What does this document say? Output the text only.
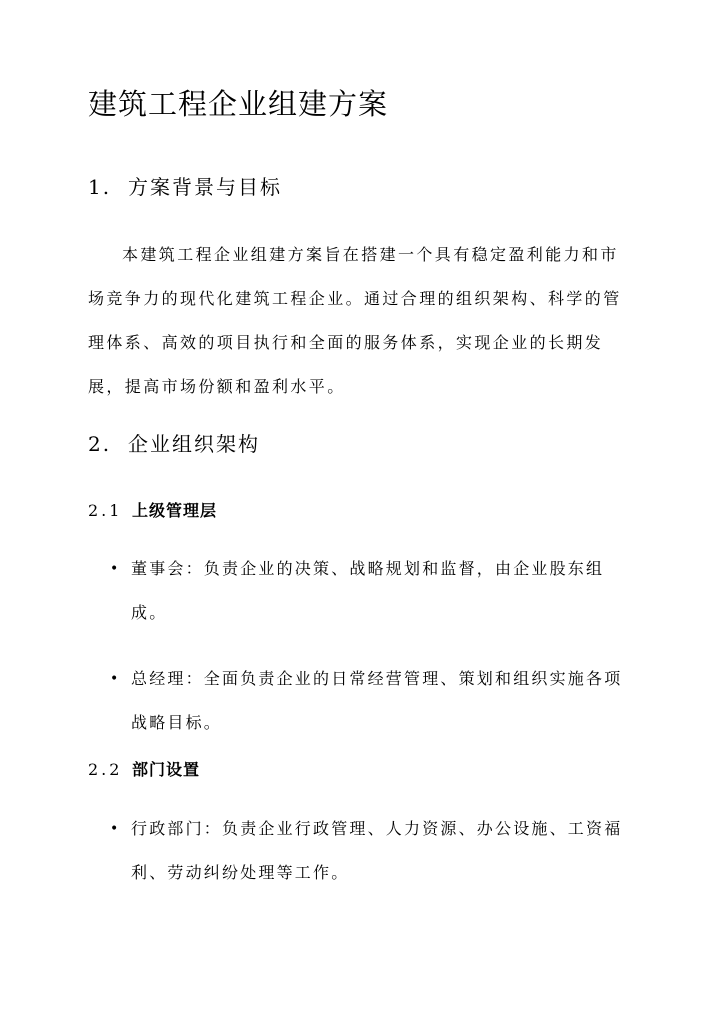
建筑工程企业组建方案
1. 方案背景与目标

本建筑工程企业组建方案旨在搭建一个具有稳定盈利能力和市场竞争力的现代化建筑工程企业。通过合理的组织架构、科学的管理体系、高效的项目执行和全面的服务体系，实现企业的长期发展，提高市场份额和盈利水平。

2. 企业组织架构
2.1 上级管理层
• 董事会：负责企业的决策、战略规划和监督，由企业股东组成。
• 总经理：全面负责企业的日常经营管理、策划和组织实施各项战略目标。
2.2 部门设置
• 行政部门：负责企业行政管理、人力资源、办公设施、工资福利、劳动纠纷处理等工作。
